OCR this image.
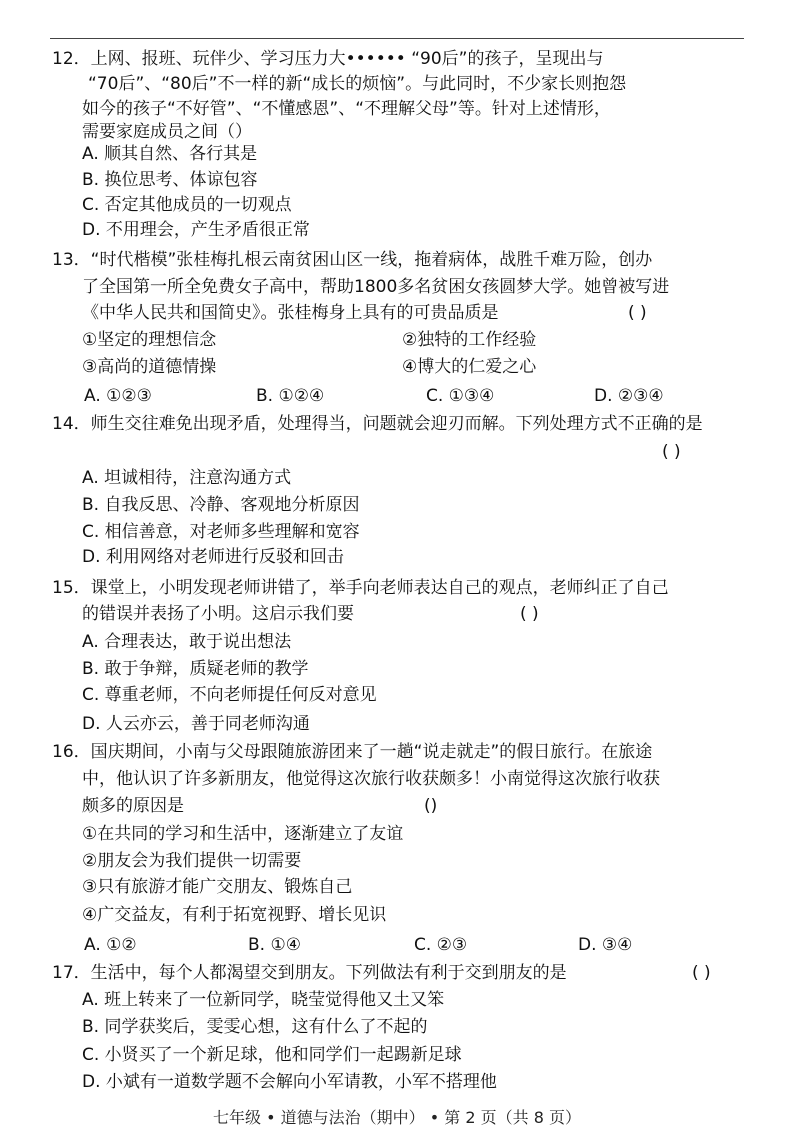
12．上网、报班、玩伴少、学习压力大•••••• “90后”的孩子，呈现出与
“70后”、“80后”不一样的新“成长的烦恼”。与此同时，不少家长则抱怨
如今的孩子“不好管”、“不懂感恩”、“不理解父母”等。针对上述情形，
需要家庭成员之间（）
A. 顺其自然、各行其是
B. 换位思考、体谅包容
C. 否定其他成员的一切观点
D. 不用理会，产生矛盾很正常
13．“时代楷模”张桂梅扎根云南贫困山区一线，拖着病体，战胜千难万险，创办
了全国第一所全免费女子高中，帮助1800多名贫困女孩圆梦大学。她曾被写进
《中华人民共和国简史》。张桂梅身上具有的可贵品质是	( )
①坚定的理想信念	②独特的工作经验
③高尚的道德情操	④博大的仁爱之心
A. ①②③	B. ①②④	C. ①③④	D. ②③④
14．师生交往难免出现矛盾，处理得当，问题就会迎刃而解。下列处理方式不正确的是
( )
A. 坦诚相待，注意沟通方式
B. 自我反思、冷静、客观地分析原因
C. 相信善意，对老师多些理解和宽容
D. 利用网络对老师进行反驳和回击
15．课堂上，小明发现老师讲错了，举手向老师表达自己的观点，老师纠正了自己
的错误并表扬了小明。这启示我们要	( )
A. 合理表达，敢于说出想法
B. 敢于争辩，质疑老师的教学
C. 尊重老师，不向老师提任何反对意见
D. 人云亦云，善于同老师沟通
16．国庆期间，小南与父母跟随旅游团来了一趟“说走就走”的假日旅行。在旅途
中，他认识了许多新朋友，他觉得这次旅行收获颇多！小南觉得这次旅行收获
颇多的原因是	()
①在共同的学习和生活中，逐渐建立了友谊
②朋友会为我们提供一切需要
③只有旅游才能广交朋友、锻炼自己
④广交益友，有利于拓宽视野、增长见识
A. ①②	B. ①④	C. ②③	D. ③④
17．生活中，每个人都渴望交到朋友。下列做法有利于交到朋友的是	( )
A. 班上转来了一位新同学，晓莹觉得他又土又笨
B. 同学获奖后，雯雯心想，这有什么了不起的
C. 小贤买了一个新足球，他和同学们一起踢新足球
D. 小斌有一道数学题不会解向小军请教，小军不搭理他
七年级 • 道德与法治（期中） • 第 2 页（共 8 页）
